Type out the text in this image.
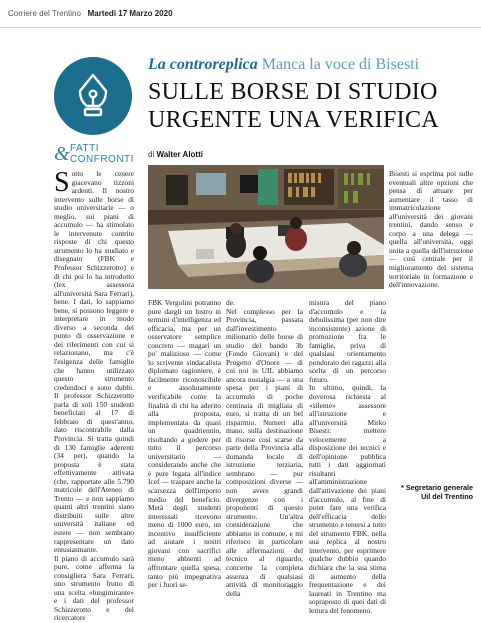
Corriere del Trentino Martedì 17 Marzo 2020
& FATTI
CONFRONTI
La controreplica Manca la voce di Bisesti
SULLE BORSE DI STUDIO
URGENTE UNA VERIFICA
di Walter Alotti
Sotto le cenere giacevano tizzoni ardenti. Il nostro intervento sulle borse di studio universitarie — o meglio, sui piani di accumulo — ha stimolato le intervenute contrite risposte di chi questo strumento lo ha studiato e disegnato (FBK e Professor Schizzerotto) e di chi poi lo ha introdotto (lex assessora all'università Sara Ferrari), bene. I dati, lo sappiamo bene, si possono leggere e interpretare in modo diverso a seconda del punto di osservazione e dei riferimenti con cui si relazionano, ma c'è l'esigenza delle famiglie che hanno utilizzato questo strumento credendoci e sono dubbi. Il professor Schizzerotto parla di soli 150 studenti beneficiati al 17 di febbraio di quest'anno, dato riscontrabile dalla Provincia. Si tratta quindi di 130 famiglie aderenti (34 per), quando la proposta è stata effettivamente attivata (che, rapportate alle 5.790 matricole dell'Ateneo di Trento — e non sappiamo quanti altri trentini siano distribuiti sulle altre università italiane ed estere — non sembrano rappresentare un dato entusiasmante.
Il piano di accumulo sarà pure, come afferma la consigliera Sara Ferrari, uno strumento frutto di una scelta «lungimirante» e i dati del professor Schizzerotto e del ricercatore
FBK Vergolini potranno pure dargli un lustro in termini d'intelligenza ed efficacia, ma per un osservatore semplice concreto — magari un po' malizioso — come lo scrivente sindacalista diplomato ragioniere, è facilmente riconoscibile e assolutamente verificabile come la finalità di chi ha aderito alla proposta, implementata da quasi un quadriennio, risultando a godere per tutto il percorso universitario — considerando anche che è pure legata all'indice Icef — traspare anche la scarsezza dell'importo medio del beneficio. Metà degli studenti interessati ricevono meno di 1000 euro, un incentivo insufficiente ad aiutare i nostri giovani con sacrifici meno abbienti ad affrontare quella spesa, tanto più impegnativa per i fuori se-
de.
Nel complesso per la Provincia, passata dall'investimento milionario delle borse di studio del bando 3b (Fondo Giovani) e del Progetto d'Onore — di cui noi in UIL abbiamo ancora nostalgia — a una spesa per i piani di accumulo di poche centinaia di migliaia di euro, si tratta di un bel risparmio. Numeri alla mano, sulla destinazione di risorse così scarse da parte della Provincia alla domanda locale di istruzione terziaria, sembrano — pur composizioni diverse — non avere grandi divergenze con i proponenti di questo strumento. Un'altra considerazione che abbiamo in comune, e mi riferisco in particolare alle affermazioni del tecnico al riguardo, concerne la completa assenza di qualsiasi attività di monitoraggio della
misura del piano d'accumulo e la debolissima (per non dire inconsistente) azione di promozione fra le famiglie, priva di qualsiasi orientamento pondorato dei ragazzi alla scelta di un percorso futuro.
In ultimo, quindi, la doverosa richiesta al «silente» assessore all'istruzione e all'università Mirko Bisesti: mettere velocemente a disposizione dei tecnici e dell'opinione pubblica tutti i dati aggiornati risultanti all'amministrazione dall'attivazione dei piani d'accumulo, al fine di poter fare una verifica dell'efficacia dello strumento e tenersi a tutto del strumento FBK, nella sua replica al nostro intervento, per esprimere qualche dubbio quando dichiara che la sua stima di aumento della frequentazione e dei laureati in Trentino ma sopraposto di quei dati di lettura del fenomeno.
Bisesti si esprima poi sulle eventuali altre opzioni che pensa di attuare per aumentare il tasso di immatricolazione all'università dei giovani trentini, dando senso e corpo a una delega — quella all'università, oggi unita a quella dell'istruzione — così centrale per il miglioramento del sistema territoriale in formazione e dell'innovazione.
* Segretario generale
Uil del Trentino
